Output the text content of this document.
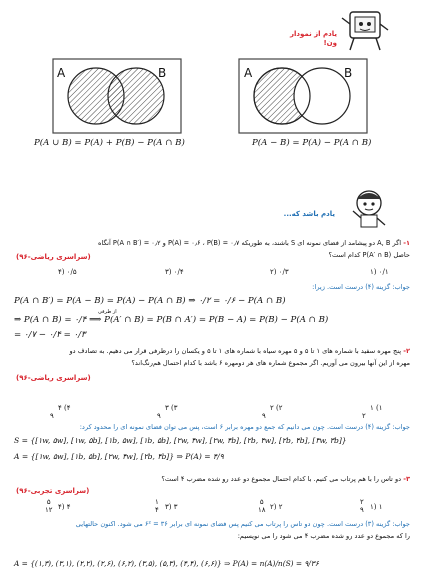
یادم از نمودار ون!
A	B
P(A ∪ B) = P(A) + P(B) − P(A ∩ B)
A	B
P(A − B) = P(A) − P(A ∩ B)
یادم باشد که...
۱- اگر A, B دو پیشامد از فضای نمونه ای S باشند، به طوریکه P(A) = ۰٫۶ ، P(B) = ۰٫۷ و P(A ∩ B′) = ۰٫۲ آنگاه
حاصل P(A′ ∩ B) کدام است؟
(سراسری ریاضی-۹۶)
۰/۱ (۱
۰/۳ (۲
۰/۴ (۳
۰/۵ (۴
جواب: گزینه (۴) درست است. زیرا:
P(A ∩ B′) = P(A − B) = P(A) − P(A ∩ B) ⇒ ۰/۲ = ۰/۶ − P(A ∩ B)
⇒ P(A ∩ B) = ۰/۴ ⟹ P(A′ ∩ B) = P(B ∩ A′) = P(B − A) = P(B) − P(A ∩ B)
از طرفی
= ۰/۷ − ۰/۴ = ۰/۳
۲- پنج مهره سفید با شماره های ۱ تا ۵ و ۵ مهره سیاه با شماره های ۱ تا ۵ و یکسان را درظرفی قرار می دهیم. به تصادف دو
مهره از این آنها بیرون می آوریم. اگر مجموع شماره های هر دومهره ۶ باشد با کدام احتمال هم‌رنگ‌اند؟
(سراسری ریاضی-۹۶)
۱ (۱
۲
۲ (۲
۹
۳ (۳
۹
۴ (۴
۹
جواب: گزینه (۴) درست است. چون می دانیم که جمع دو مهره برابر ۶ است، پس می توان فضای نمونه ای را محدود کرد:
S = {[۱w, ۵w], [۱w, ۵b], [۱b, ۵w], [۱b, ۵b], [۲w, ۴w], [۲w, ۴b], [۲b, ۴w], [۲b, ۴b], [۳w, ۳b]}
A = {[۱w, ۵w], [۱b, ۵b], [۲w, ۴w], [۲b, ۴b]} ⇒ P(A) = ۴/۹
۳- دو تاس را با هم پرتاب می کنیم. با کدام احتمال مجموع دو عدد رو شده مضرب ۴ است؟
(سراسری تجربی-۹۶)
۱ (۱
۲
۹
۲ (۲
۵
۱۸
۳ (۳
۱
۴
۴ (۴
۵
۱۲
جواب: گزینه (۳) درست است. چون دو تاس را پرتاب می کنیم پس فضای نمونه ای برابر ۳۶ = ۶² می شود. اکنون حالتهایی
را که مجموع دو عدد رو شده مضرب ۴ می شود را می نویسیم:
A = {(۱,۳), (۳,۱), (۲,۲), (۲,۶), (۶,۲), (۳,۵), (۵,۳), (۴,۴), (۶,۶)} ⇒ P(A) = n(A)/n(S) = ۹/۳۶
